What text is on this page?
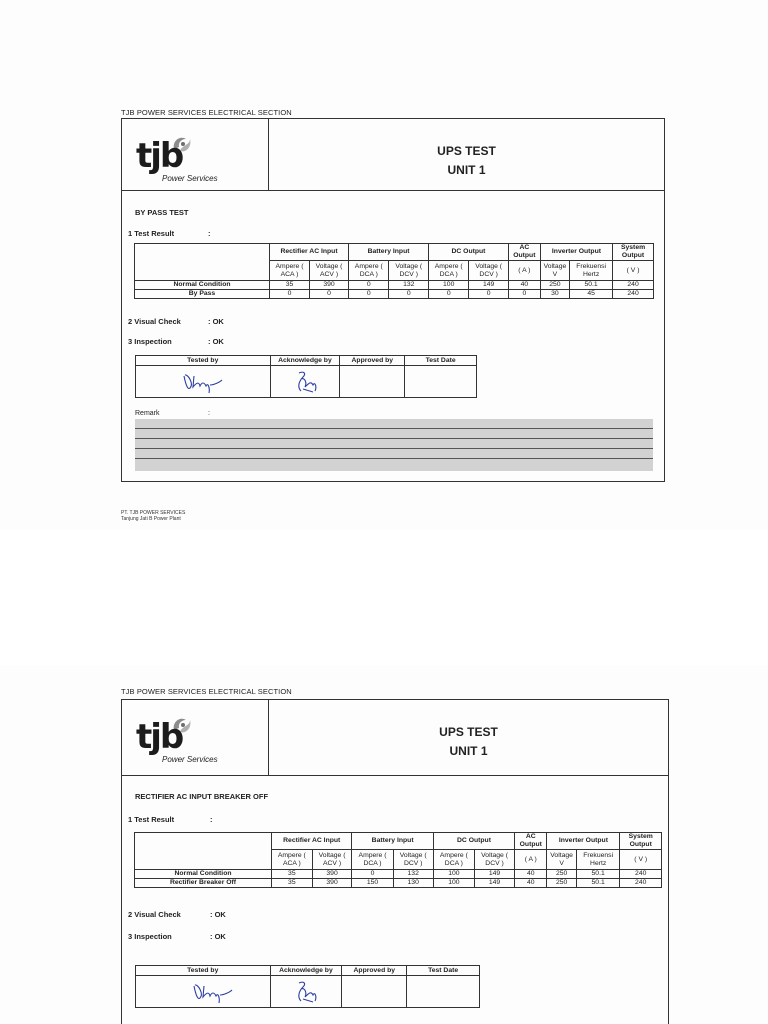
TJB POWER SERVICES ELECTRICAL SECTION
tjb
Power Services
UPS TEST
UNIT 1
BY PASS TEST
1 Test Result	:
	Rectifier AC Input		Battery Input		DC Output		AC Output	Inverter Output		System Output
	Ampere ( ACA )	Voltage ( ACV )	Ampere ( DCA )	Voltage ( DCV )	Ampere ( DCA )	Voltage ( DCV )	( A )	Voltage V	Frekuensi Hertz	( V )
Normal Condition	35	390	0	132	100	149	40	250	50.1	240
By Pass	0	0	0	0	0	0	0	30	45	240
2 Visual Check	: OK
3 Inspection	: OK
Tested by	Acknowledge by	Approved by	Test Date

Remark	:
PT. TJB POWER SERVICES
Tanjung Jati B Power Plant
TJB POWER SERVICES ELECTRICAL SECTION
tjb
Power Services
UPS TEST
UNIT 1
RECTIFIER AC INPUT BREAKER OFF
1 Test Result	:
	Rectifier AC Input		Battery Input		DC Output		AC Output	Inverter Output		System Output
	Ampere ( ACA )	Voltage ( ACV )	Ampere ( DCA )	Voltage ( DCV )	Ampere ( DCA )	Voltage ( DCV )	( A )	Voltage V	Frekuensi Hertz	( V )
Normal Condition	35	390	0	132	100	149	40	250	50.1	240
Rectifier Breaker Off	35	390	150	130	100	149	40	250	50.1	240
2 Visual Check	: OK
3 Inspection	: OK
Tested by	Acknowledge by	Approved by	Test Date
